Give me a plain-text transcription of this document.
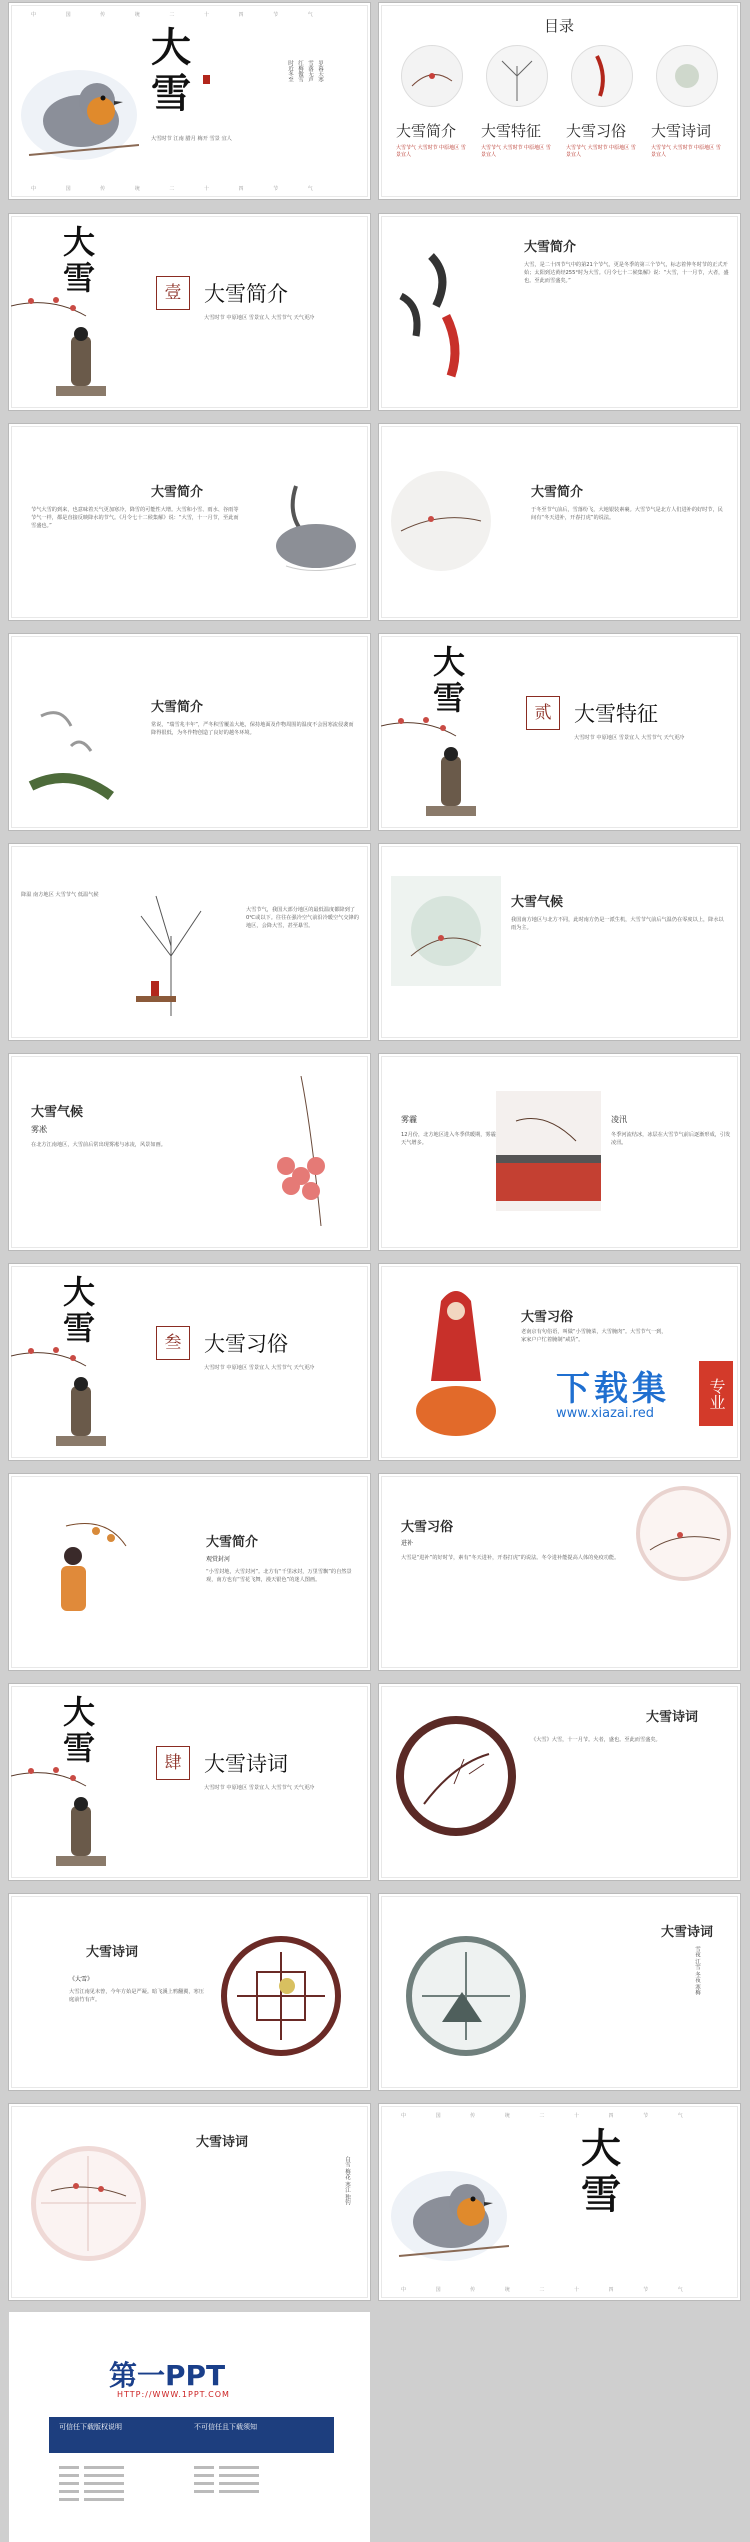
中 国 传 统 二 十 四 节 气
大雪	岁暮天寒
雪落无声
红梅傲雪
时近冬至
大雪时节 江南 腊月 梅开 雪景 宜人
中 国 传 统 二 十 四 节 气
目录
大雪简介 大雪特征 大雪习俗 大雪诗词
大雪节气 大雪时节 中原地区 雪景宜人
大雪节气 大雪时节 中原地区 雪景宜人
大雪节气 大雪时节 中原地区 雪景宜人
大雪节气 大雪时节 中原地区 雪景宜人
大雪	壹	大雪简介
大雪时节 中原地区 雪景宜人 大雪节气 天气更冷
大雪简介
大雪，是二十四节气中的第21个节气，更是冬季的第三个节气，标志着仲冬时节的正式开始；太阳到达黄经255°时为大雪。《月令七十二候集解》说：“大雪，十一月节，大者，盛也。至此而雪盛矣。”
大雪简介
节气大雪的到来，也意味着天气更加寒冷，降雪的可能性大增。大雪和小雪、雨水、谷雨等节气一样，都是直接反映降水的节气。《月令七十二候集解》说：“大雪，十一月节，至此而雪盛也。”
大雪简介
于冬至节气前后，雪落纷飞，大地银装素裹。大雪节气是北方人们进补的好时节，民间有“冬天进补，开春打虎”的说法。
大雪简介
常说，“瑞雪兆丰年”，严冬积雪覆盖大地，保持地面及作物周围的温度不会因寒流侵袭而降得很低，为冬作物创造了良好的越冬环境。
大雪	贰	大雪特征
大雪时节 中原地区 雪景宜人 大雪节气 天气更冷
降温 南方地区 大雪节气 低温气候
大雪节气，我国大部分地区的最低温度都降到了0℃或以下。往往在强冷空气前沿冷暖空气交锋的地区，会降大雪，甚至暴雪。
大雪气候
我国南方地区与北方不同，此时南方仍是一派生机，大雪节气前后气温仍在零度以上，降水以雨为主。
大雪气候
雾凇
在北方江南地区，大雪前后常出现雾凇与冰凌，风景如画。
雾霾
12月份，北方地区进入冬季供暖期，雾霾天气增多。
凌汛
冬季河流结冰，冰层在大雪节气前后逐渐形成，引发凌汛。
大雪	叁	大雪习俗
大雪时节 中原地区 雪景宜人 大雪节气 天气更冷
大雪习俗
老南京有句俗语，叫做“小雪腌菜，大雪腌肉”。大雪节气一到，家家户户忙着腌制“咸货”。
下载集
www.xiazai.red
专业
大雪简介
观赏封河
“小雪封地，大雪封河”。北方有“千里冰封，万里雪飘”的自然景观，南方也有“雪花飞舞，漫天银色”的迷人图画。
大雪习俗
进补
大雪是“进补”的好时节，素有“冬天进补，开春打虎”的说法。冬令进补能提高人体的免疫功能。
大雪	肆	大雪诗词
大雪时节 中原地区 雪景宜人 大雪节气 天气更冷
大雪诗词
《大雪》大雪，十一月节。大者，盛也。至此而雪盛矣。
大雪诗词
《大雪》
大雪江南见未曾，今年方始是严凝。暗飞溪上鸦翻翼，寒压庭前竹有声。
大雪诗词
雪夜 江雪 冬夜 寒梅
大雪诗词
白雪 梅花 寒江 独钓
中 国 传 统 二 十 四 节 气
大雪
中 国 传 统 二 十 四 节 气
第一PPT
HTTP://WWW.1PPT.COM
可信任下载版权说明	不可信任且下载须知
